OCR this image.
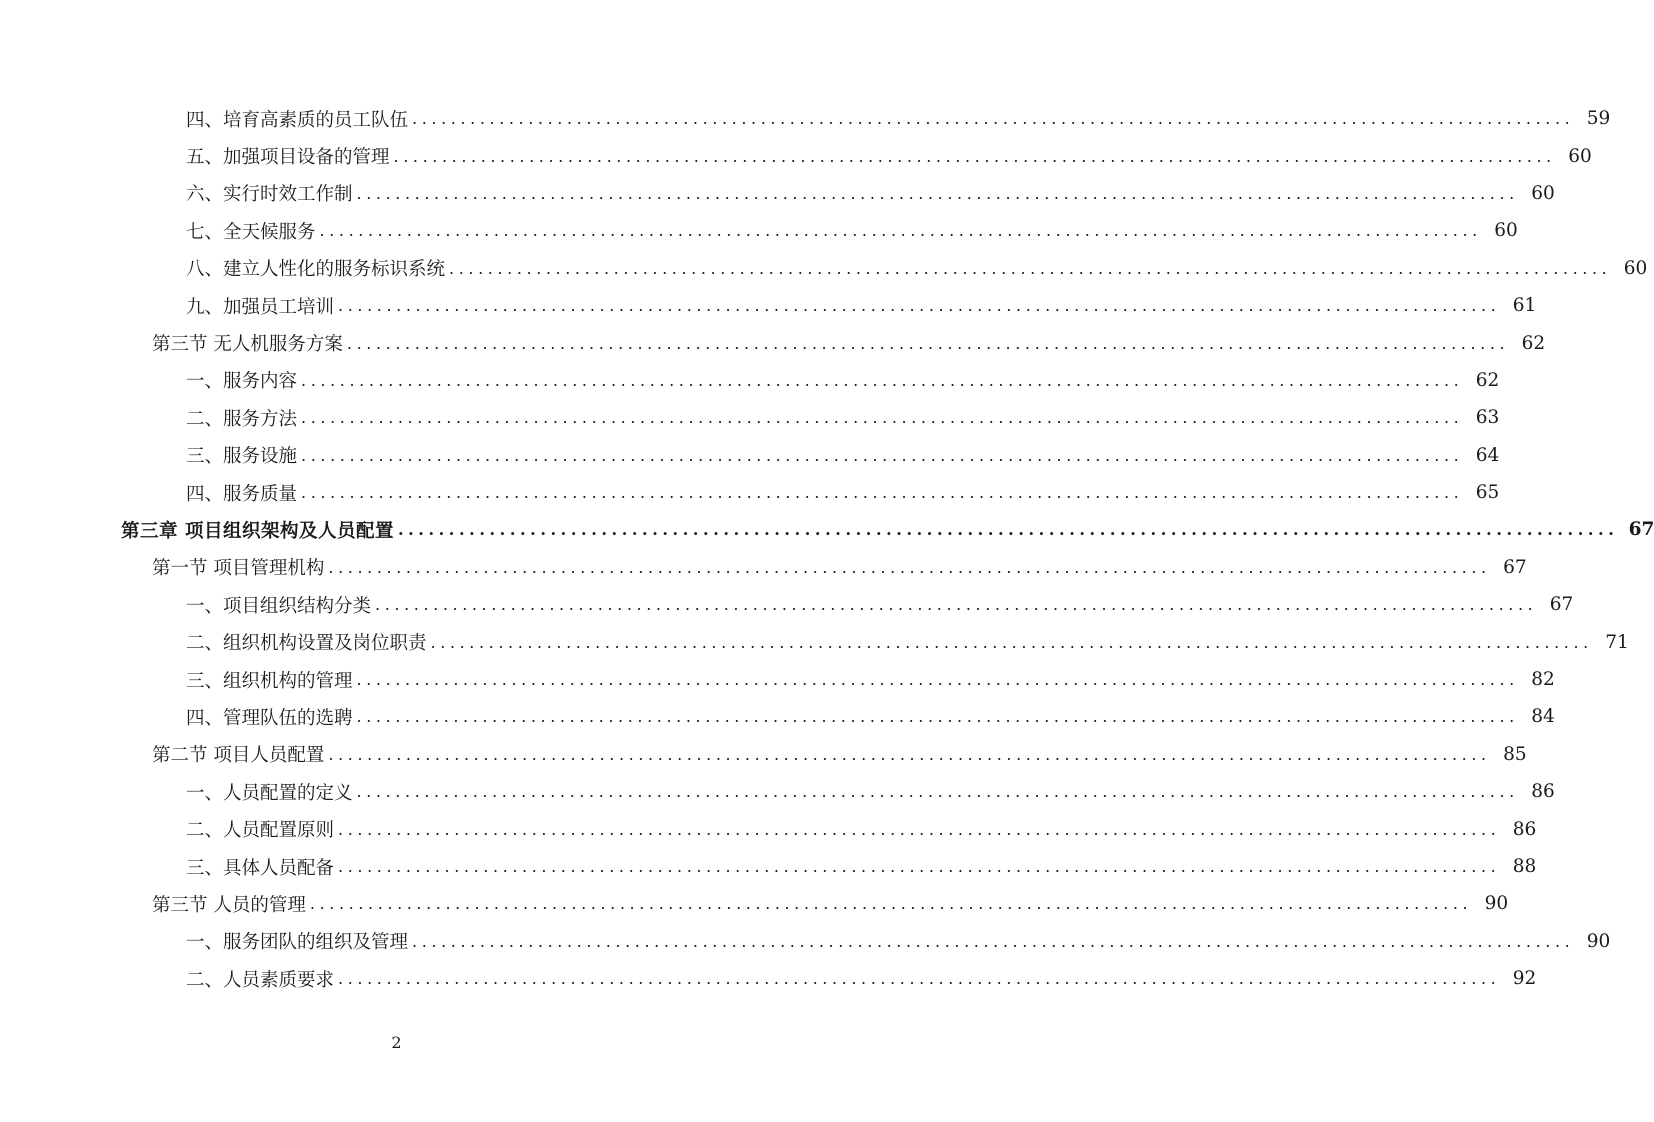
四、培育高素质的员工队伍 ........................................................................................................................ 59
五、加强项目设备的管理 ........................................................................................................................ 60
六、实行时效工作制 ........................................................................................................................ 60
七、全天候服务 ........................................................................................................................ 60
八、建立人性化的服务标识系统 ........................................................................................................................ 60
九、加强员工培训 ........................................................................................................................ 61
第三节 无人机服务方案 ........................................................................................................................ 62
一、服务内容 ........................................................................................................................ 62
二、服务方法 ........................................................................................................................ 63
三、服务设施 ........................................................................................................................ 64
四、服务质量 ........................................................................................................................ 65
第三章 项目组织架构及人员配置 ........................................................................................................................ 67
第一节 项目管理机构 ........................................................................................................................ 67
一、项目组织结构分类 ........................................................................................................................ 67
二、组织机构设置及岗位职责 ........................................................................................................................ 71
三、组织机构的管理 ........................................................................................................................ 82
四、管理队伍的选聘 ........................................................................................................................ 84
第二节 项目人员配置 ........................................................................................................................ 85
一、人员配置的定义 ........................................................................................................................ 86
二、人员配置原则 ........................................................................................................................ 86
三、具体人员配备 ........................................................................................................................ 88
第三节 人员的管理 ........................................................................................................................ 90
一、服务团队的组织及管理 ........................................................................................................................ 90
二、人员素质要求 ........................................................................................................................ 92
2
